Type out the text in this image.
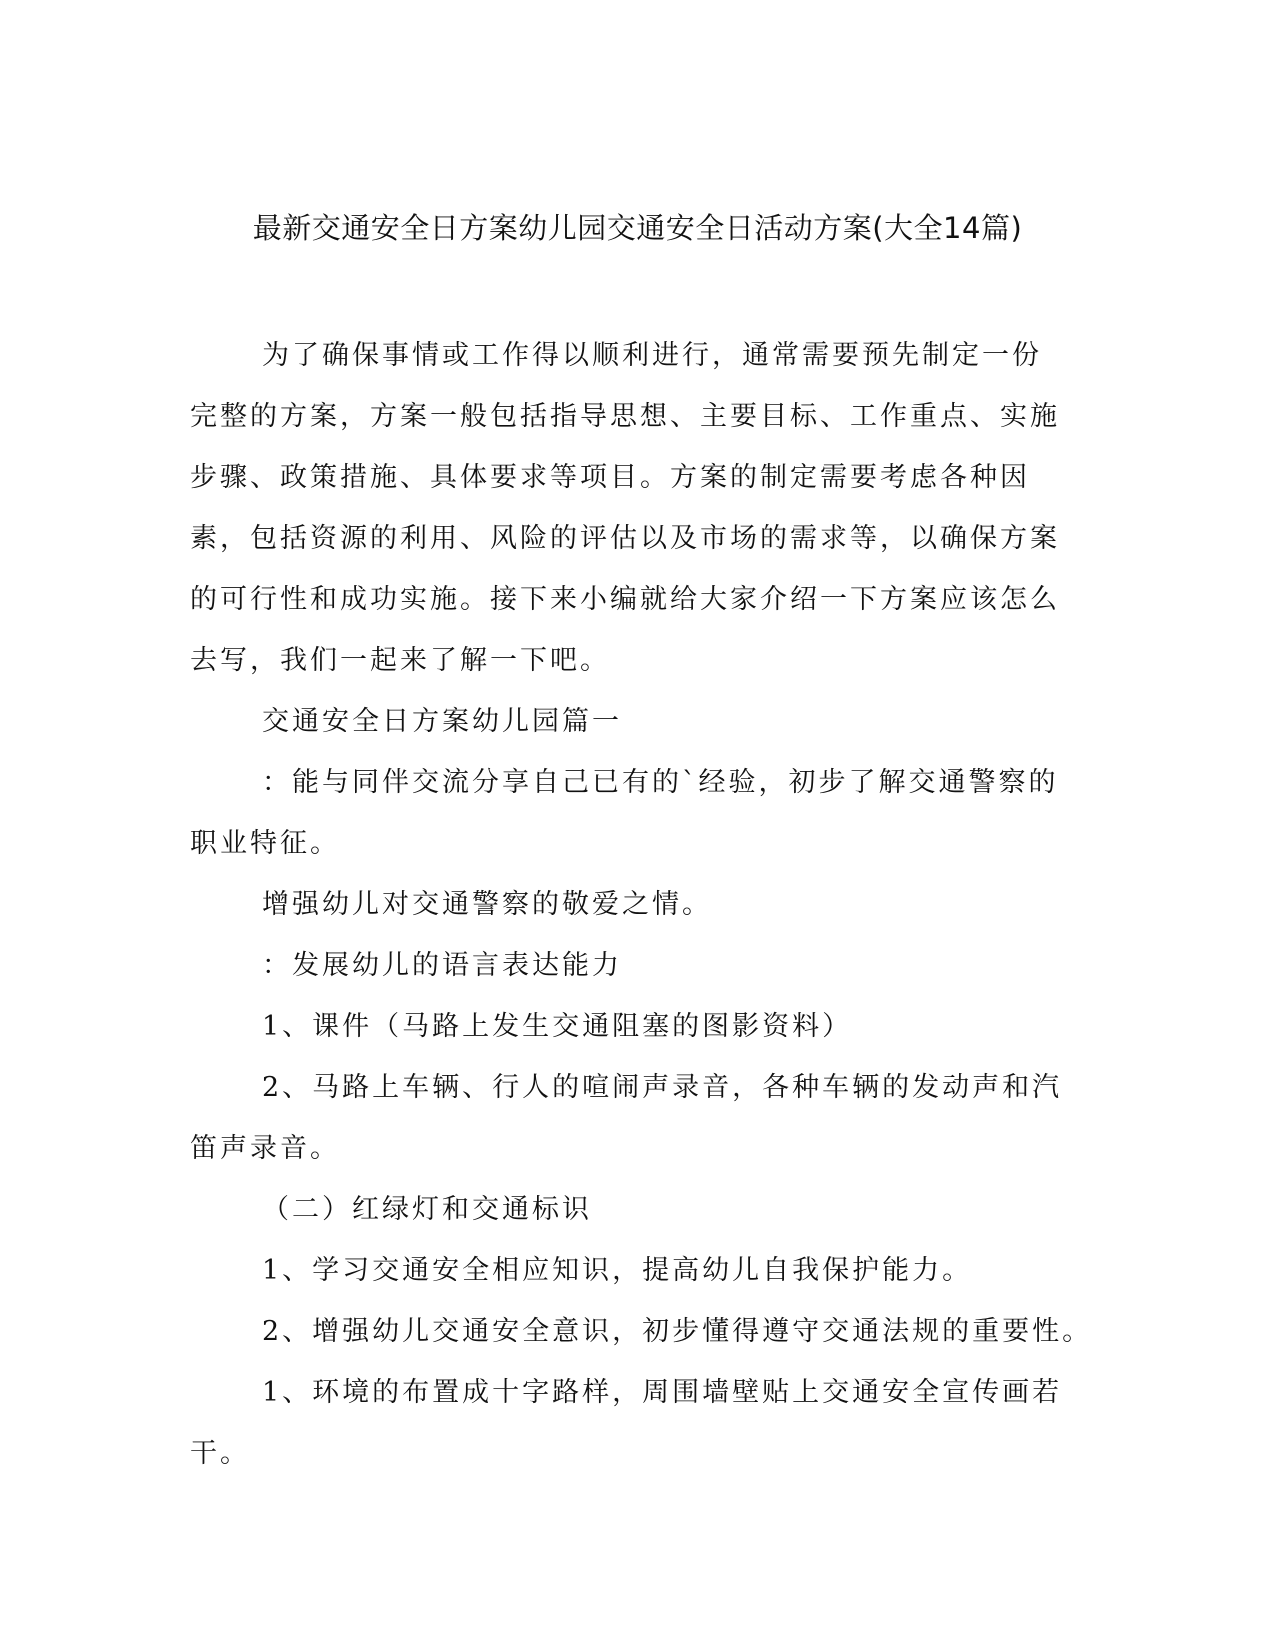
最新交通安全日方案幼儿园交通安全日活动方案(大全14篇)

为了确保事情或工作得以顺利进行，通常需要预先制定一份完整的方案，方案一般包括指导思想、主要目标、工作重点、实施步骤、政策措施、具体要求等项目。方案的制定需要考虑各种因素，包括资源的利用、风险的评估以及市场的需求等，以确保方案的可行性和成功实施。接下来小编就给大家介绍一下方案应该怎么去写，我们一起来了解一下吧。

交通安全日方案幼儿园篇一

：能与同伴交流分享自己已有的`经验，初步了解交通警察的职业特征。

增强幼儿对交通警察的敬爱之情。

：发展幼儿的语言表达能力

1、课件（马路上发生交通阻塞的图影资料）

2、马路上车辆、行人的喧闹声录音，各种车辆的发动声和汽笛声录音。

（二）红绿灯和交通标识

1、学习交通安全相应知识，提高幼儿自我保护能力。

2、增强幼儿交通安全意识，初步懂得遵守交通法规的重要性。

1、环境的布置成十字路样，周围墙壁贴上交通安全宣传画若干。
